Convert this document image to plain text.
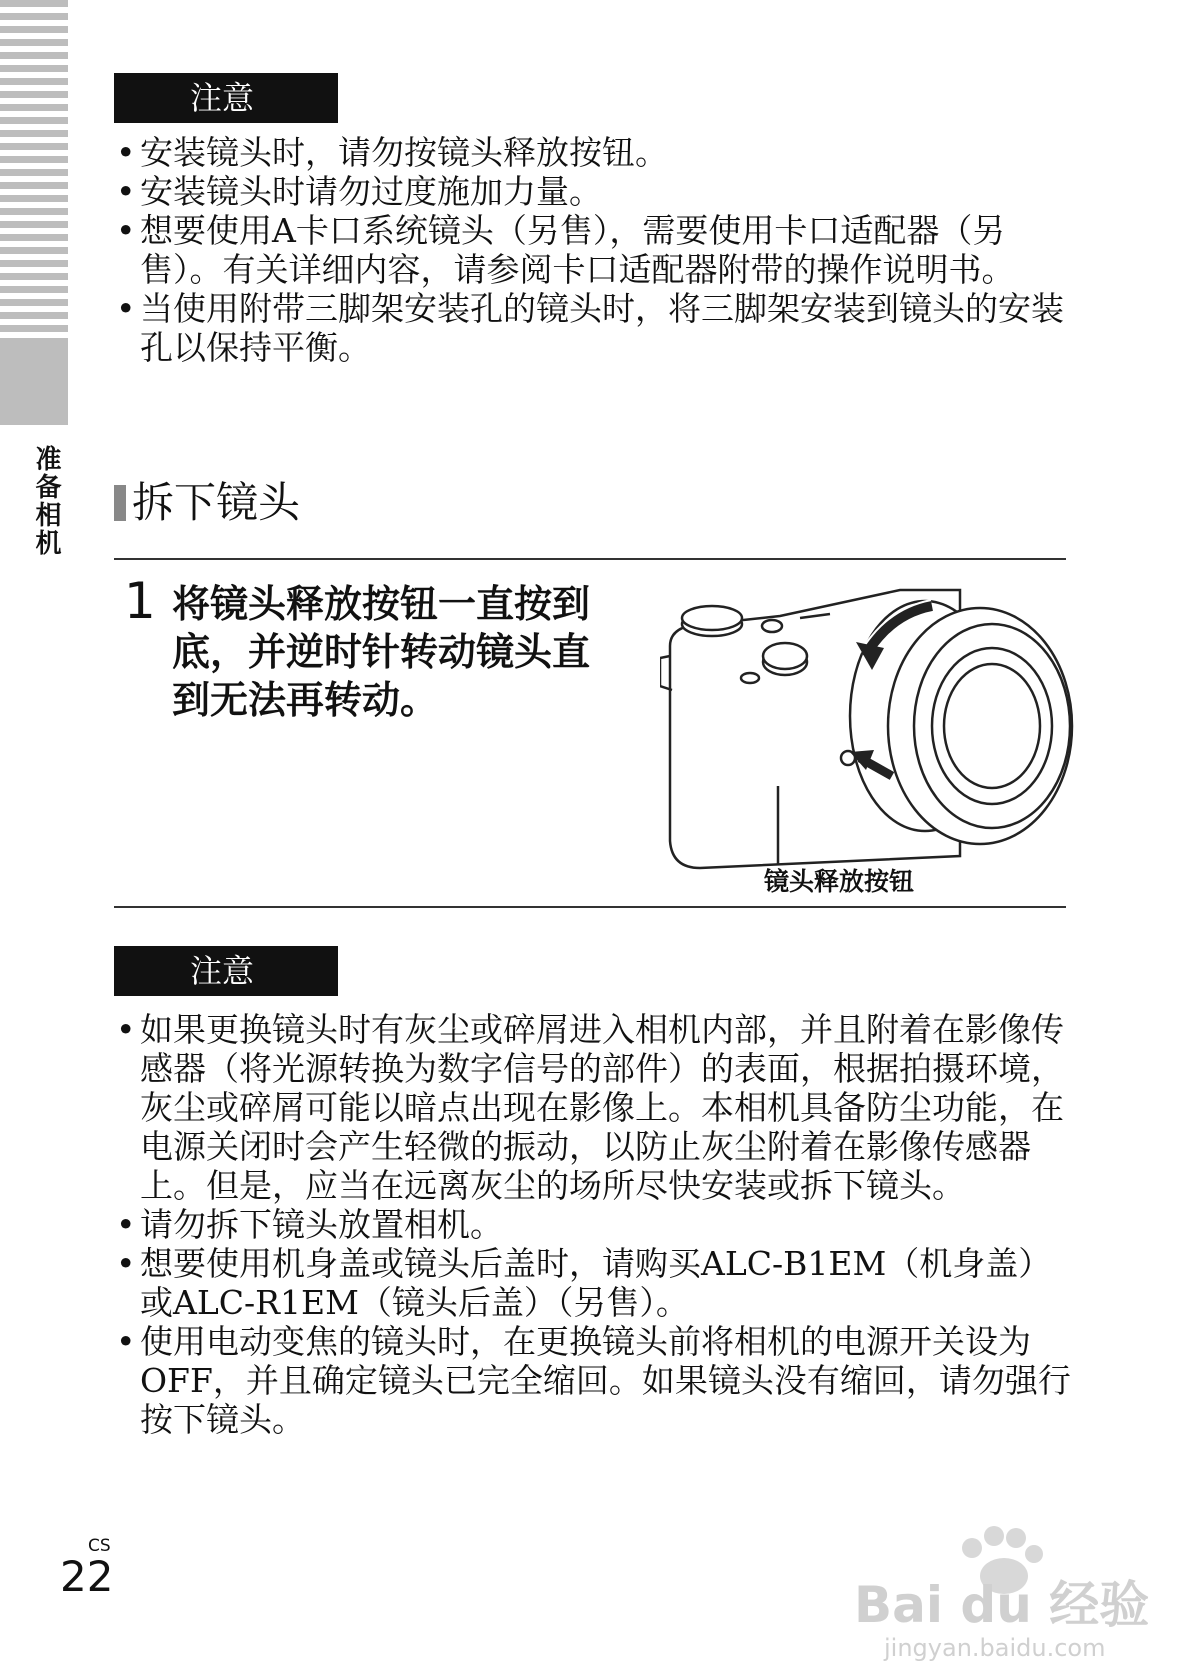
准备相机
注意
• 安装镜头时，请勿按镜头释放按钮。
• 安装镜头时请勿过度施加力量。
• 想要使用A卡口系统镜头（另售），需要使用卡口适配器（另售）。有关详细内容，请参阅卡口适配器附带的操作说明书。
• 当使用附带三脚架安装孔的镜头时，将三脚架安装到镜头的安装孔以保持平衡。
拆下镜头
1 将镜头释放按钮一直按到底，并逆时针转动镜头直到无法再转动。
镜头释放按钮
注意
• 如果更换镜头时有灰尘或碎屑进入相机内部，并且附着在影像传感器（将光源转换为数字信号的部件）的表面，根据拍摄环境，灰尘或碎屑可能以暗点出现在影像上。本相机具备防尘功能，在电源关闭时会产生轻微的振动，以防止灰尘附着在影像传感器上。但是，应当在远离灰尘的场所尽快安装或拆下镜头。
• 请勿拆下镜头放置相机。
• 想要使用机身盖或镜头后盖时，请购买ALC-B1EM（机身盖）或ALC-R1EM（镜头后盖）（另售）。
• 使用电动变焦的镜头时，在更换镜头前将相机的电源开关设为OFF，并且确定镜头已完全缩回。如果镜头没有缩回，请勿强行按下镜头。
CS
22	Bai du 经验
jingyan.baidu.com
